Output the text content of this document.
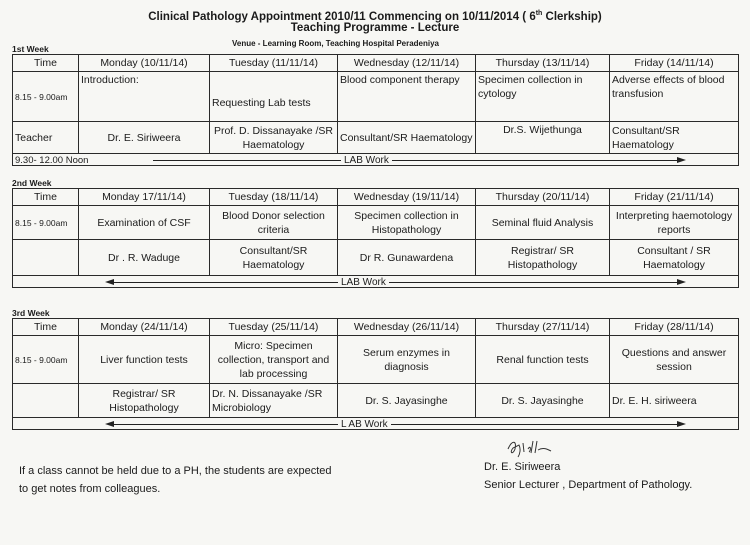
Clinical Pathology Appointment 2010/11 Commencing on 10/11/2014 ( 6th Clerkship)
Teaching Programme - Lecture
1st Week
Venue - Learning Room, Teaching Hospital Peradeniya
Time	Monday (10/11/14)	Tuesday (11/11/14)	Wednesday (12/11/14)	Thursday (13/11/14)	Friday (14/11/14)
8.15 - 9.00am	Introduction:	Requesting Lab tests	Blood component therapy	Specimen collection in cytology	Adverse effects of blood transfusion
Teacher	Dr. E. Siriweera	Prof. D. Dissanayake /SR Haematology	Consultant/SR Haematology	Dr.S. Wijethunga	Consultant/SR Haematology

9.30- 12.00 Noon LAB Work					
2nd Week
Time	Monday 17/11/14)	Tuesday (18/11/14)	Wednesday (19/11/14)	Thursday (20/11/14)	Friday (21/11/14)
8.15 - 9.00am	Examination of CSF	Blood Donor selection criteria	Specimen collection in Histopathology	Seminal fluid Analysis	Interpreting haemotology reports
	Dr . R. Waduge	Consultant/SR Haematology	Dr R. Gunawardena	Registrar/ SR Histopathology	Consultant / SR Haematology

LAB Work					
3rd Week
Time	Monday (24/11/14)	Tuesday (25/11/14)	Wednesday (26/11/14)	Thursday (27/11/14)	Friday (28/11/14)
8.15 - 9.00am	Liver function tests	Micro: Specimen collection, transport and lab processing	Serum enzymes in diagnosis	Renal function tests	Questions and answer session
	Registrar/ SR Histopathology	Dr. N. Dissanayake /SR Microbiology	Dr. S. Jayasinghe	Dr. S. Jayasinghe	Dr. E. H. siriweera

L AB Work					
If a class cannot be held due to a PH, the students are expected
to get notes from colleagues.
Dr. E. Siriweera
Senior Lecturer , Department of Pathology.
